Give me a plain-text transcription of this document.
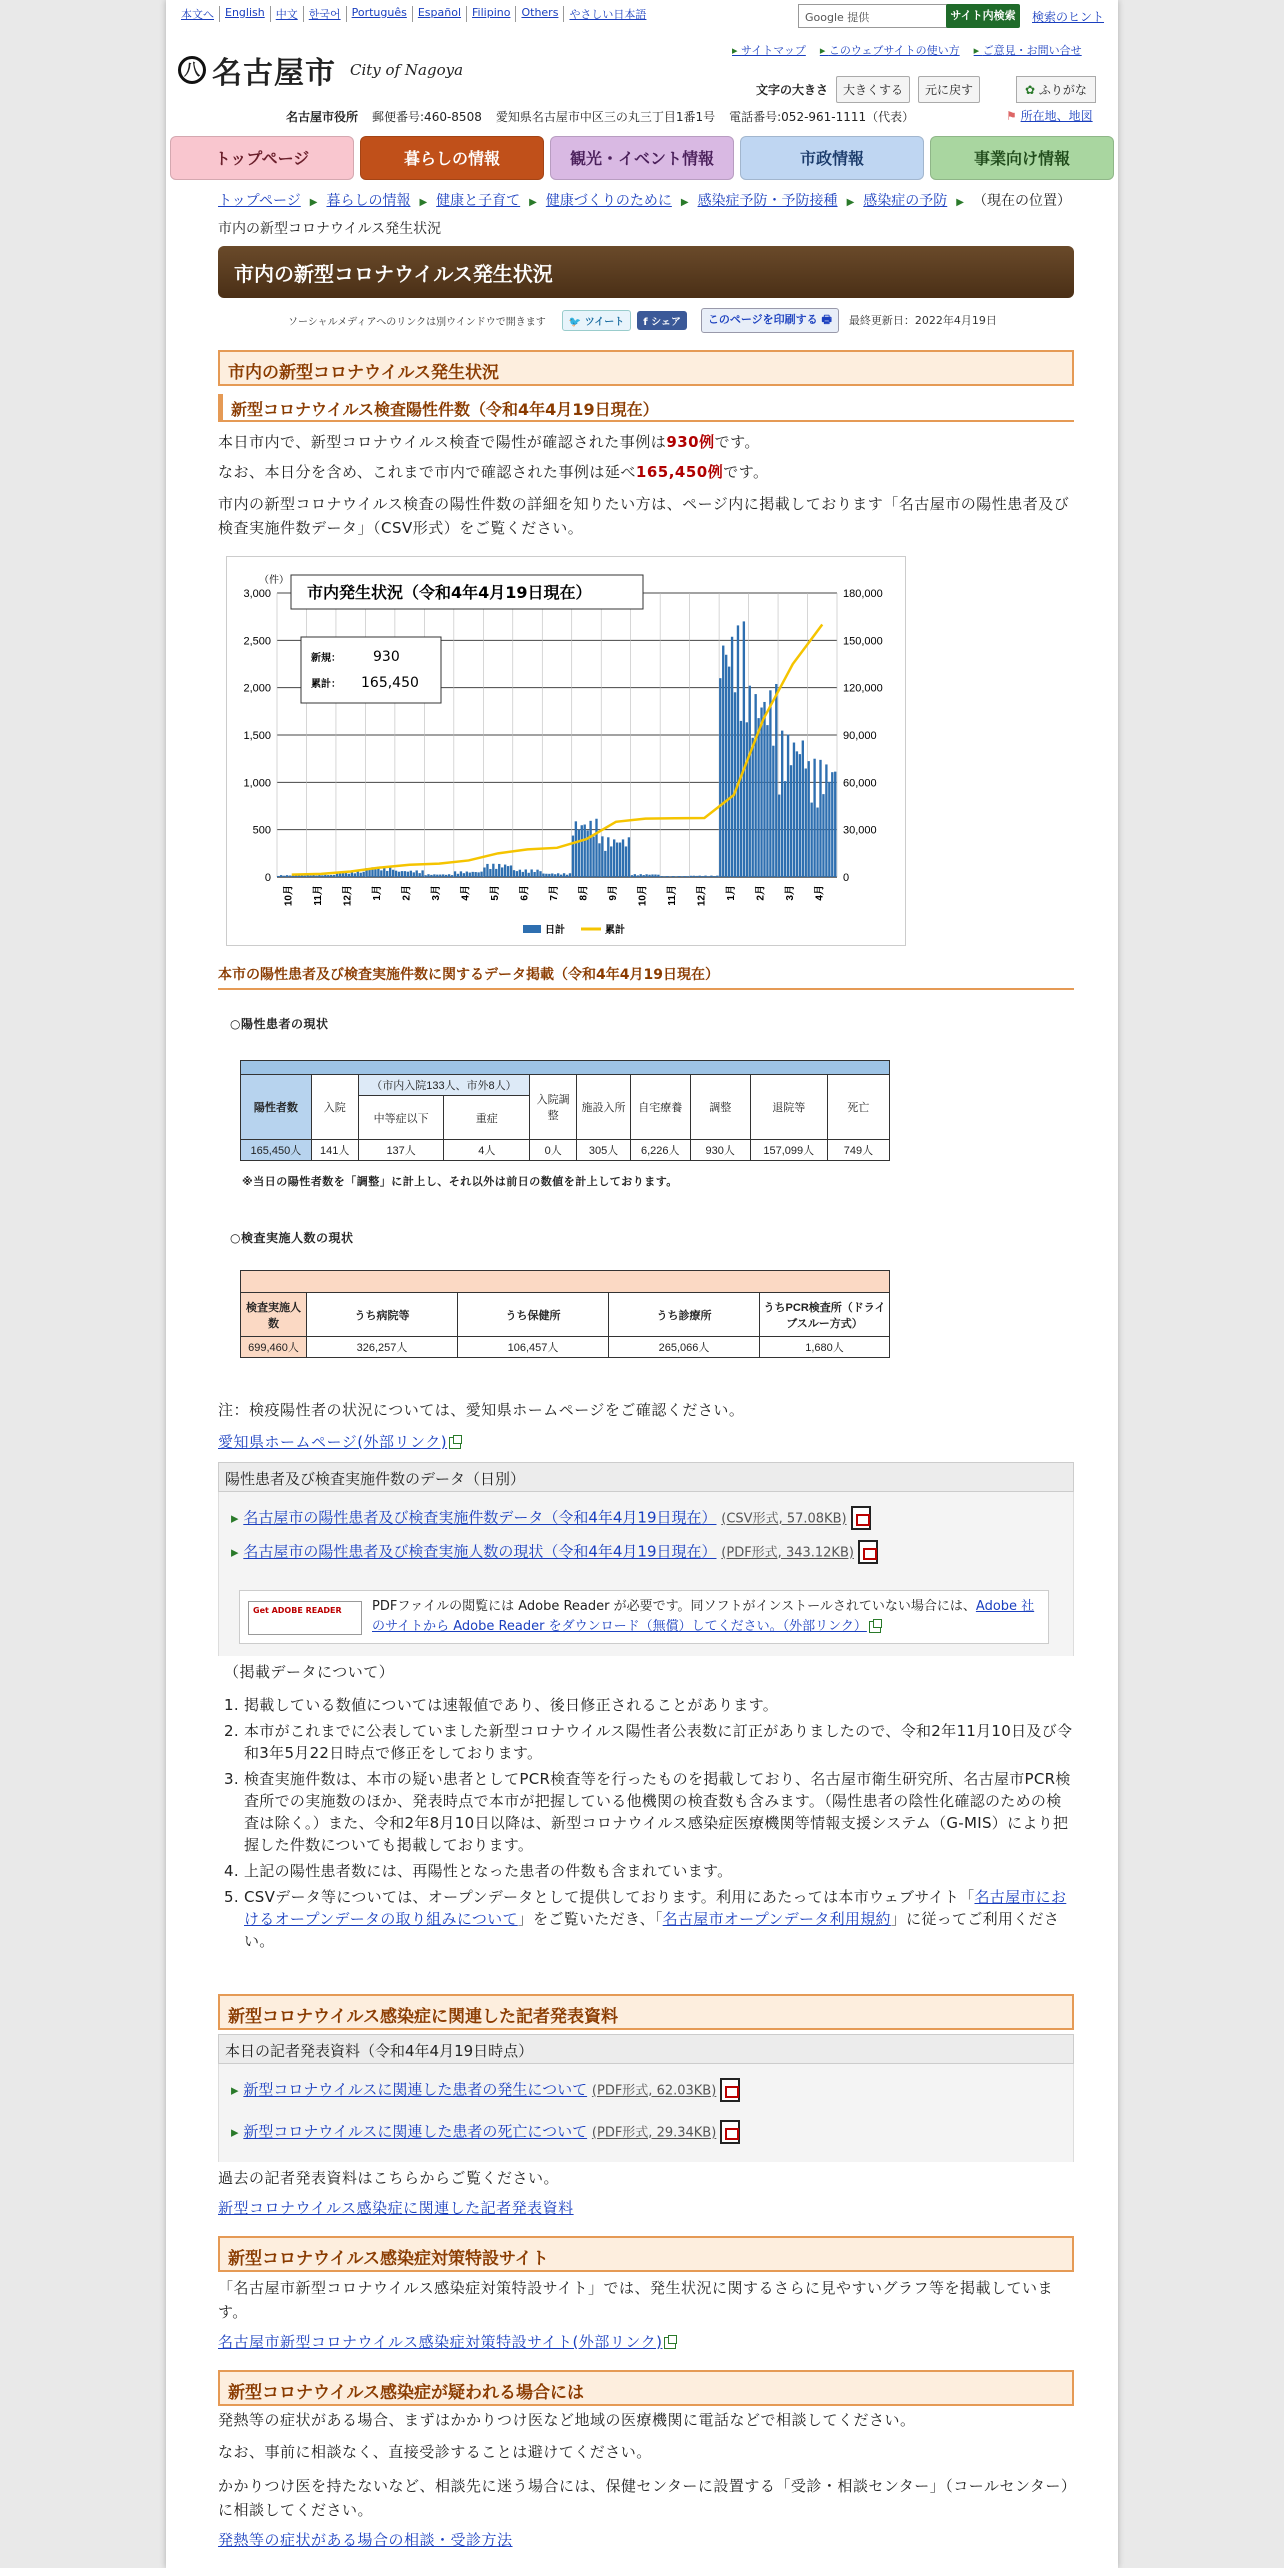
本文へ	English	中文	한국어	Português	Español	Filipino	Others	やさしい日本語	Google 提供	サイト内検索	検索のヒント
八 名古屋市 City of Nagoya
▸ サイトマップ	▸ このウェブサイトの使い方	▸ ご意見・お問い合せ
文字の大きさ	大きくする	元に戻す	✿ ふりがな
名古屋市役所 郵便番号:460-8508 愛知県名古屋市中区三の丸三丁目1番1号 電話番号:052-961-1111（代表）	⚑ 所在地、地図
トップページ	暮らしの情報	観光・イベント情報	市政情報	事業向け情報
トップページ ▶ 暮らしの情報 ▶ 健康と子育て ▶ 健康づくりのために ▶ 感染症予防・予防接種 ▶ 感染症の予防 ▶ （現在の位置）市内の新型コロナウイルス発生状況
市内の新型コロナウイルス発生状況
ソーシャルメディアへのリンクは別ウインドウで開きます	🐦 ツイート	f シェア	このページを印刷する 🖶	最終更新日：2022年4月19日
市内の新型コロナウイルス発生状況
新型コロナウイルス検査陽性件数（令和4年4月19日現在）
本日市内で、新型コロナウイルス検査で陽性が確認された事例は930例です。
なお、本日分を含め、これまで市内で確認された事例は延べ165,450例です。
市内の新型コロナウイルス検査の陽性件数の詳細を知りたい方は、ページ内に掲載しております「名古屋市の陽性患者及び検査実施件数データ」（CSV形式）をご覧ください。
3,000	180,000
2,500	150,000
2,000	120,000
1,500	90,000
1,000	60,000
500	30,000
0	0
（件）
10月 11月 12月 1月 2月 3月 4月 5月 6月 7月 8月 9月 10月 11月 12月 1月 2月 3月 4月
市内発生状況（令和4年4月19日現在）
新規： 930
累計： 165,450
日計	累計
本市の陽性患者及び検査実施件数に関するデータ掲載（令和4年4月19日現在）
○陽性患者の現状

陽性者数	入院	（市内入院133人、市外8人）		入院調整	施設入所	自宅療養	調整	退院等	死亡
		中等症以下	重症						
165,450人	141人	137人	4人	0人	305人	6,226人	930人	157,099人	749人
※当日の陽性者数を「調整」に計上し、それ以外は前日の数値を計上しております。
○検査実施人数の現状

検査実施人数	うち病院等	うち保健所	うち診療所	うちPCR検査所（ドライブスルー方式）
699,460人	326,257人	106,457人	265,066人	1,680人
注：検疫陽性者の状況については、愛知県ホームページをご確認ください。
愛知県ホームページ(外部リンク)
陽性患者及び検査実施件数のデータ（日別）
▸ 名古屋市の陽性患者及び検査実施件数データ（令和4年4月19日現在） (CSV形式, 57.08KB)
▸ 名古屋市の陽性患者及び検査実施人数の現状（令和4年4月19日現在） (PDF形式, 343.12KB)
Get ADOBE READER	PDFファイルの閲覧には Adobe Reader が必要です。同ソフトがインストールされていない場合には、Adobe 社のサイトから Adobe Reader をダウンロード（無償）してください。（外部リンク）
（掲載データについて）
1. 掲載している数値については速報値であり、後日修正されることがあります。
2. 本市がこれまでに公表していました新型コロナウイルス陽性者公表数に訂正がありましたので、令和2年11月10日及び令和3年5月22日時点で修正をしております。
3. 検査実施件数は、本市の疑い患者としてPCR検査等を行ったものを掲載しており、名古屋市衛生研究所、名古屋市PCR検査所での実施数のほか、発表時点で本市が把握している他機関の検査数も含みます。（陽性患者の陰性化確認のための検査は除く。）また、令和2年8月10日以降は、新型コロナウイルス感染症医療機関等情報支援システム（G-MIS）により把握した件数についても掲載しております。
4. 上記の陽性患者数には、再陽性となった患者の件数も含まれています。
5. CSVデータ等については、オープンデータとして提供しております。利用にあたっては本市ウェブサイト「名古屋市におけるオープンデータの取り組みについて」をご覧いただき、「名古屋市オープンデータ利用規約」に従ってご利用ください。
新型コロナウイルス感染症に関連した記者発表資料
本日の記者発表資料（令和4年4月19日時点）
▸ 新型コロナウイルスに関連した患者の発生について (PDF形式, 62.03KB)
▸ 新型コロナウイルスに関連した患者の死亡について (PDF形式, 29.34KB)
過去の記者発表資料はこちらからご覧ください。
新型コロナウイルス感染症に関連した記者発表資料
新型コロナウイルス感染症対策特設サイト
「名古屋市新型コロナウイルス感染症対策特設サイト」では、発生状況に関するさらに見やすいグラフ等を掲載しています。
名古屋市新型コロナウイルス感染症対策特設サイト(外部リンク)
新型コロナウイルス感染症が疑われる場合には
発熱等の症状がある場合、まずはかかりつけ医など地域の医療機関に電話などで相談してください。
なお、事前に相談なく、直接受診することは避けてください。
かかりつけ医を持たないなど、相談先に迷う場合には、保健センターに設置する「受診・相談センター」（コールセンター）に相談してください。
発熱等の症状がある場合の相談・受診方法
